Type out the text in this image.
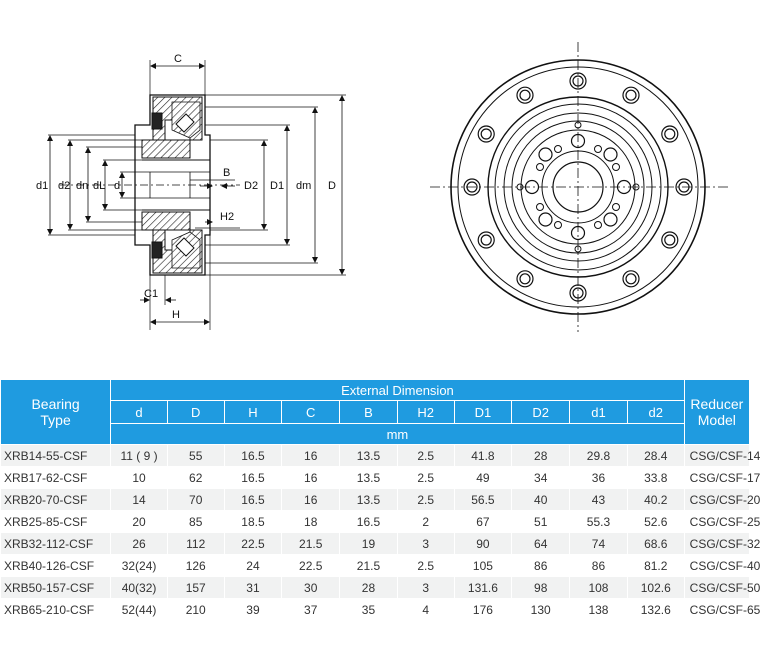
C
C1
H
B
H2
d1 d2 dn dL d	D2 D1 dm D
Bearing
Type	External Dimension										Reducer
Model
	d	D	H	C	B	H2	D1	D2	d1	d2	
	mm										
XRB14-55-CSF	11 ( 9 )	55	16.5	16	13.5	2.5	41.8	28	29.8	28.4	CSG/CSF-14
XRB17-62-CSF	10	62	16.5	16	13.5	2.5	49	34	36	33.8	CSG/CSF-17
XRB20-70-CSF	14	70	16.5	16	13.5	2.5	56.5	40	43	40.2	CSG/CSF-20
XRB25-85-CSF	20	85	18.5	18	16.5	2	67	51	55.3	52.6	CSG/CSF-25
XRB32-112-CSF	26	112	22.5	21.5	19	3	90	64	74	68.6	CSG/CSF-32
XRB40-126-CSF	32(24)	126	24	22.5	21.5	2.5	105	86	86	81.2	CSG/CSF-40
XRB50-157-CSF	40(32)	157	31	30	28	3	131.6	98	108	102.6	CSG/CSF-50
XRB65-210-CSF	52(44)	210	39	37	35	4	176	130	138	132.6	CSG/CSF-65
